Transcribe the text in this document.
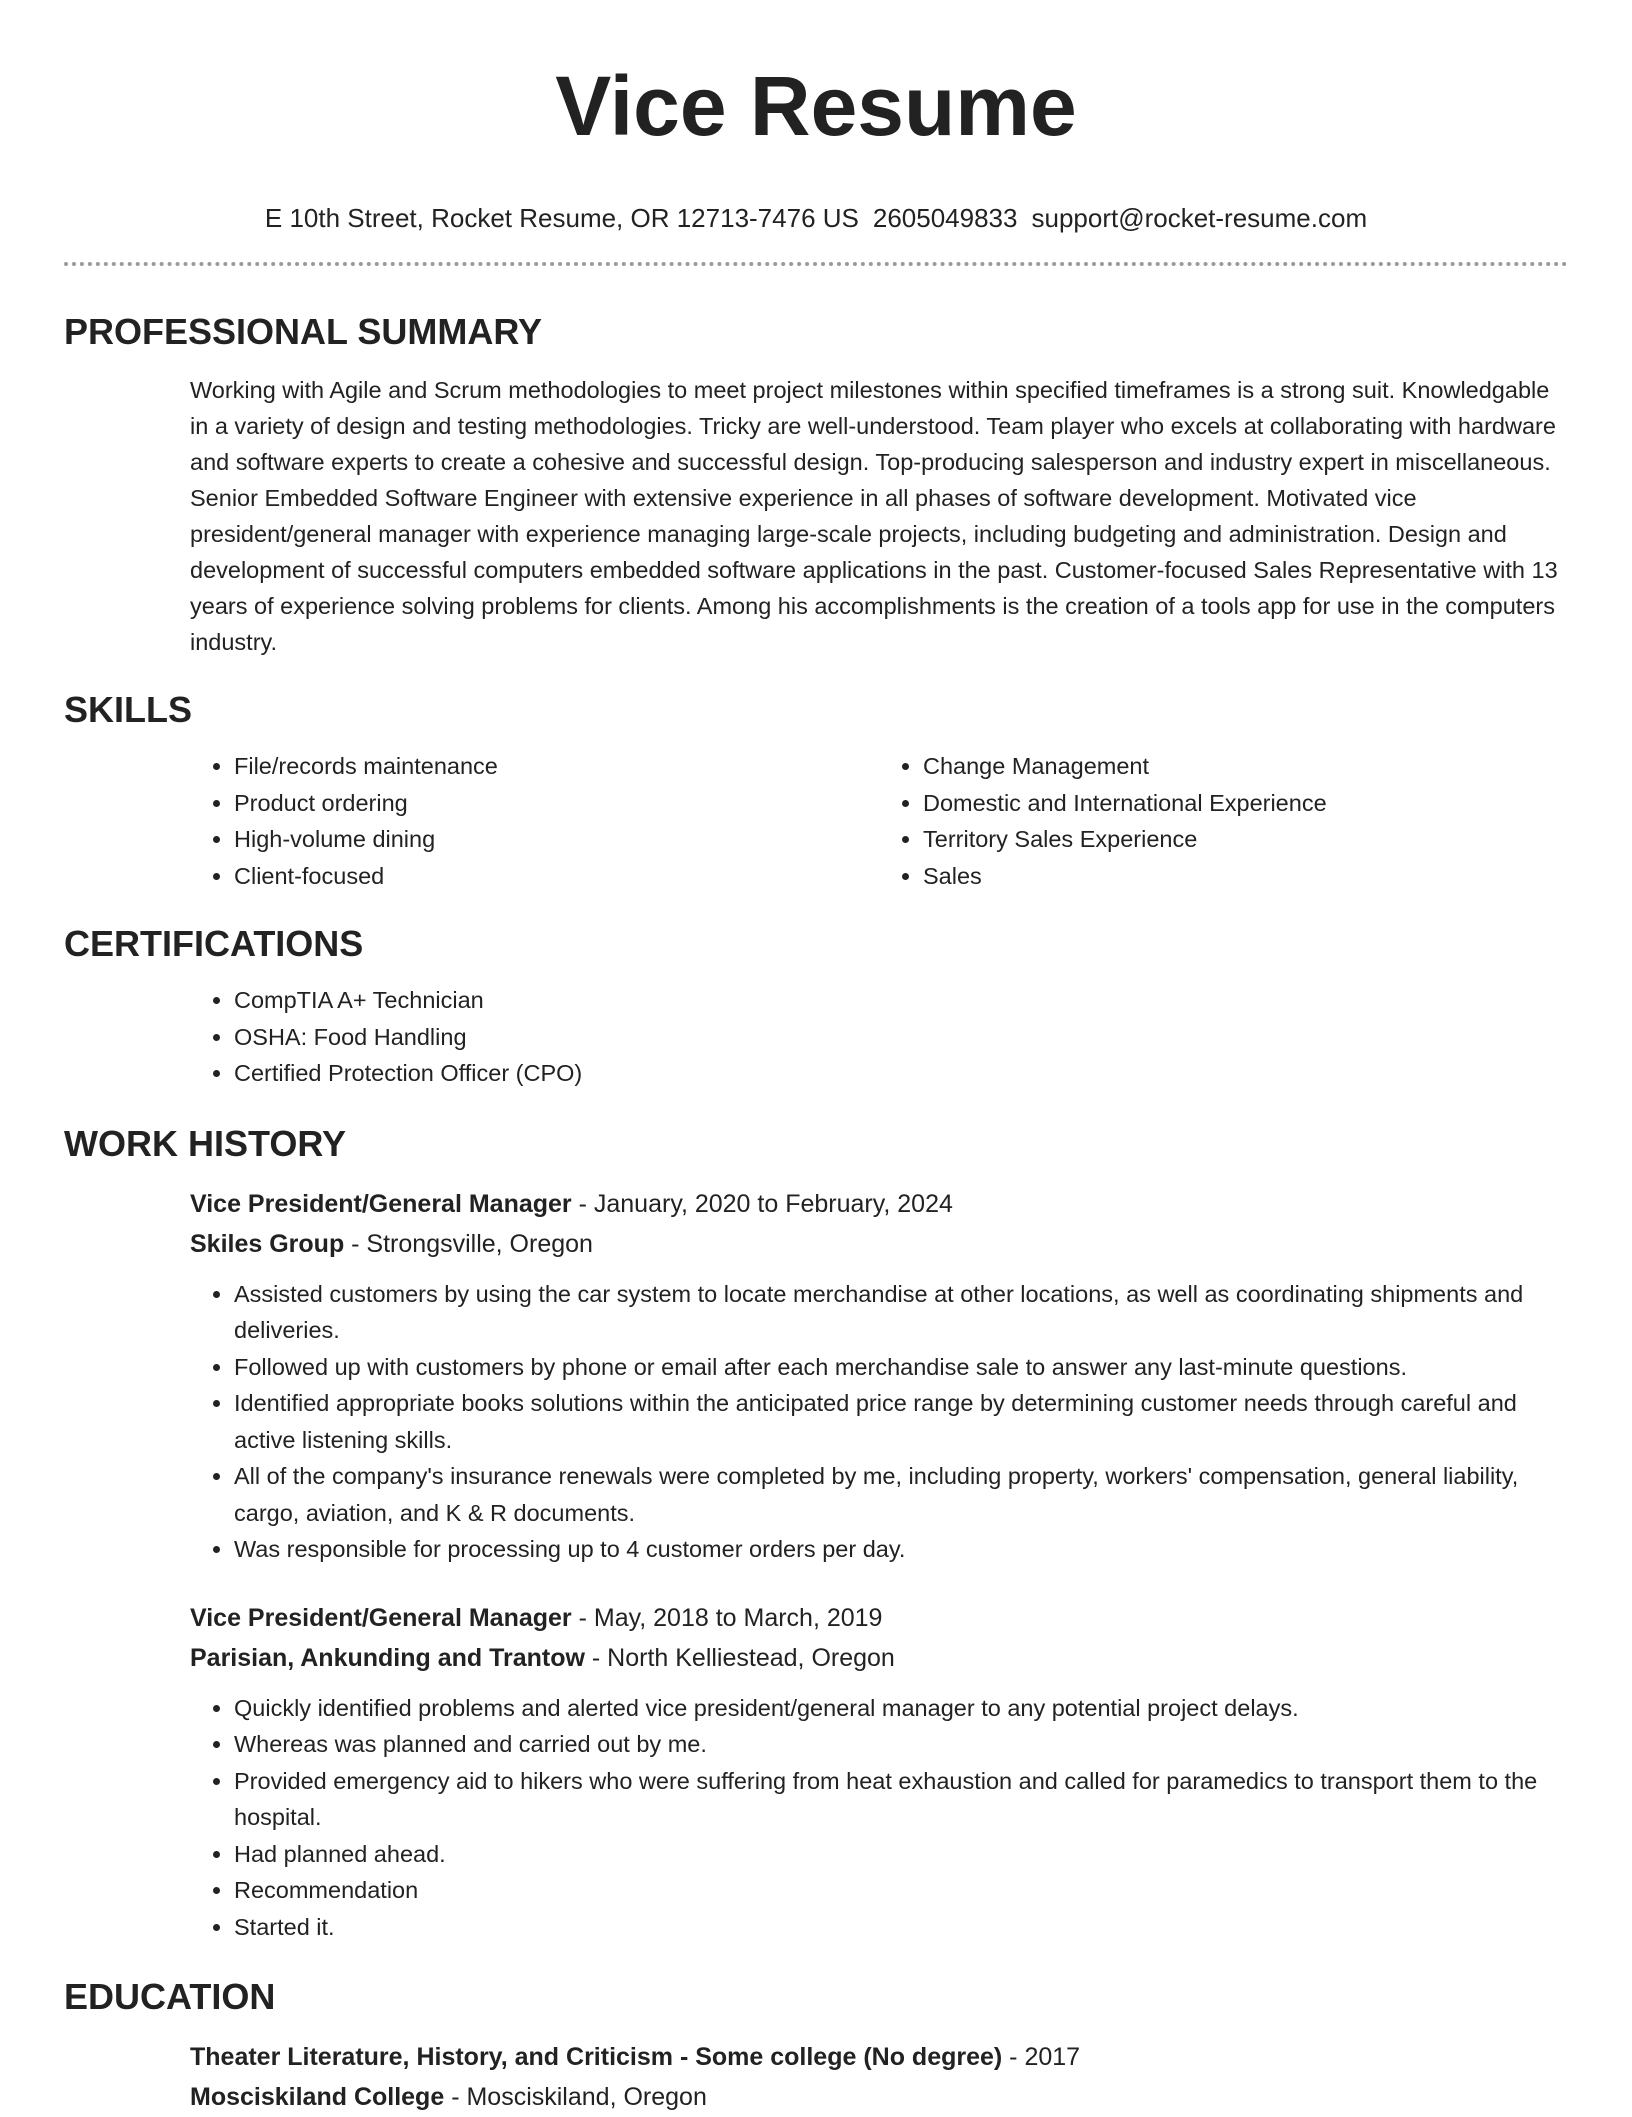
Vice Resume
E 10th Street, Rocket Resume, OR 12713-7476 US 2605049833 support@rocket-resume.com
PROFESSIONAL SUMMARY
Working with Agile and Scrum methodologies to meet project milestones within specified timeframes is a strong suit. Knowledgable in a variety of design and testing methodologies. Tricky are well-understood. Team player who excels at collaborating with hardware and software experts to create a cohesive and successful design. Top-producing salesperson and industry expert in miscellaneous. Senior Embedded Software Engineer with extensive experience in all phases of software development. Motivated vice president/general manager with experience managing large-scale projects, including budgeting and administration. Design and development of successful computers embedded software applications in the past. Customer-focused Sales Representative with 13 years of experience solving problems for clients. Among his accomplishments is the creation of a tools app for use in the computers industry.
SKILLS
• File/records maintenance
• Product ordering
• High-volume dining
• Client-focused
• Change Management
• Domestic and International Experience
• Territory Sales Experience
• Sales
CERTIFICATIONS
• CompTIA A+ Technician
• OSHA: Food Handling
• Certified Protection Officer (CPO)
WORK HISTORY
Vice President/General Manager - January, 2020 to February, 2024
Skiles Group - Strongsville, Oregon
• Assisted customers by using the car system to locate merchandise at other locations, as well as coordinating shipments and deliveries.
• Followed up with customers by phone or email after each merchandise sale to answer any last-minute questions.
• Identified appropriate books solutions within the anticipated price range by determining customer needs through careful and active listening skills.
• All of the company's insurance renewals were completed by me, including property, workers' compensation, general liability, cargo, aviation, and K & R documents.
• Was responsible for processing up to 4 customer orders per day.
Vice President/General Manager - May, 2018 to March, 2019
Parisian, Ankunding and Trantow - North Kelliestead, Oregon
• Quickly identified problems and alerted vice president/general manager to any potential project delays.
• Whereas was planned and carried out by me.
• Provided emergency aid to hikers who were suffering from heat exhaustion and called for paramedics to transport them to the hospital.
• Had planned ahead.
• Recommendation
• Started it.
EDUCATION
Theater Literature, History, and Criticism - Some college (No degree) - 2017
Mosciskiland College - Mosciskiland, Oregon
